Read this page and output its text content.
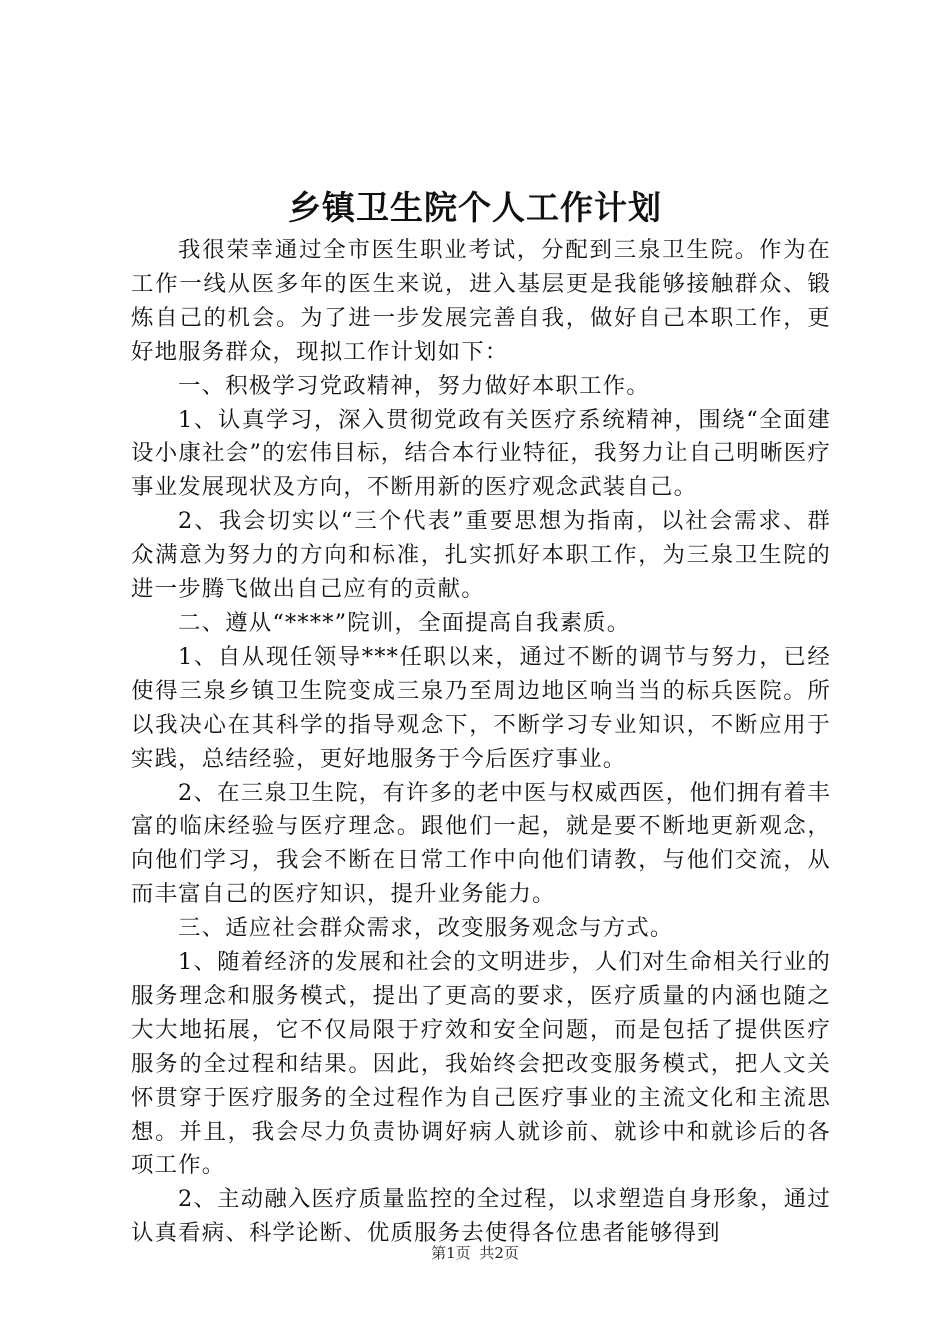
乡镇卫生院个人工作计划

我很荣幸通过全市医生职业考试，分配到三泉卫生院。作为在工作一线从医多年的医生来说，进入基层更是我能够接触群众、锻炼自己的机会。为了进一步发展完善自我，做好自己本职工作，更好地服务群众，现拟工作计划如下：

一、积极学习党政精神，努力做好本职工作。

1、认真学习，深入贯彻党政有关医疗系统精神，围绕“全面建设小康社会”的宏伟目标，结合本行业特征，我努力让自己明晰医疗事业发展现状及方向，不断用新的医疗观念武装自己。

2、我会切实以“三个代表”重要思想为指南，以社会需求、群众满意为努力的方向和标准，扎实抓好本职工作，为三泉卫生院的进一步腾飞做出自己应有的贡献。

二、遵从“****”院训，全面提高自我素质。

1、自从现任领导***任职以来，通过不断的调节与努力，已经使得三泉乡镇卫生院变成三泉乃至周边地区响当当的标兵医院。所以我决心在其科学的指导观念下，不断学习专业知识，不断应用于实践，总结经验，更好地服务于今后医疗事业。

2、在三泉卫生院，有许多的老中医与权威西医，他们拥有着丰富的临床经验与医疗理念。跟他们一起，就是要不断地更新观念，向他们学习，我会不断在日常工作中向他们请教，与他们交流，从而丰富自己的医疗知识，提升业务能力。

三、适应社会群众需求，改变服务观念与方式。

1、随着经济的发展和社会的文明进步，人们对生命相关行业的服务理念和服务模式，提出了更高的要求，医疗质量的内涵也随之大大地拓展，它不仅局限于疗效和安全问题，而是包括了提供医疗服务的全过程和结果。因此，我始终会把改变服务模式，把人文关怀贯穿于医疗服务的全过程作为自己医疗事业的主流文化和主流思想。并且，我会尽力负责协调好病人就诊前、就诊中和就诊后的各项工作。

2、主动融入医疗质量监控的全过程，以求塑造自身形象，通过认真看病、科学论断、优质服务去使得各位患者能够得到

第1页 共2页
